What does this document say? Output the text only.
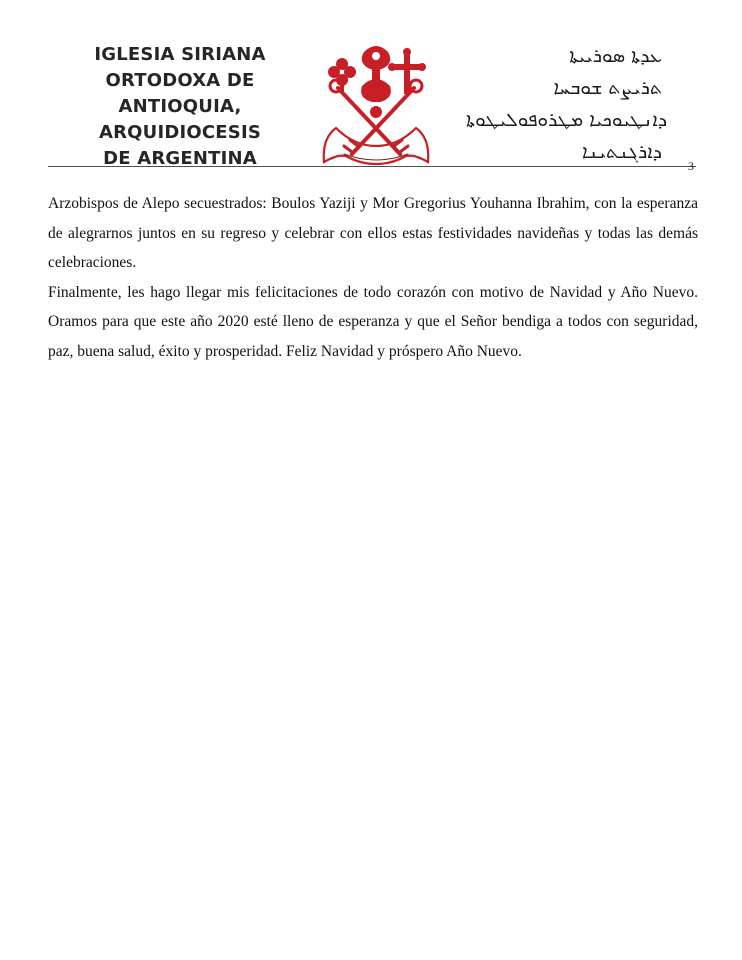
IGLESIA SIRIANA
ORTODOXA DE
ANTIOQUIA,
ARQUIDIOCESIS
DE ARGENTINA
ܥܕܬܐ ܣܘܪܝܝܬܐ
ܬܪܝܨܬ ܫܘܒܚܐ
ܕܐܢܛܝܘܟܝܐ ܡܛܪܘܦܘܠܝܛܘܬܐ
ܕܐܪܓܢܬܝܢܐ
3

Arzobispos de Alepo secuestrados: Boulos Yaziji y Mor Gregorius Youhanna Ibrahim, con la esperanza de alegrarnos juntos en su regreso y celebrar con ellos estas festividades navideñas y todas las demás celebraciones.

Finalmente, les hago llegar mis felicitaciones de todo corazón con motivo de Navidad y Año Nuevo. Oramos para que este año 2020 esté lleno de esperanza y que el Señor bendiga a todos con seguridad, paz, buena salud, éxito y prosperidad. Feliz Navidad y próspero Año Nuevo.
